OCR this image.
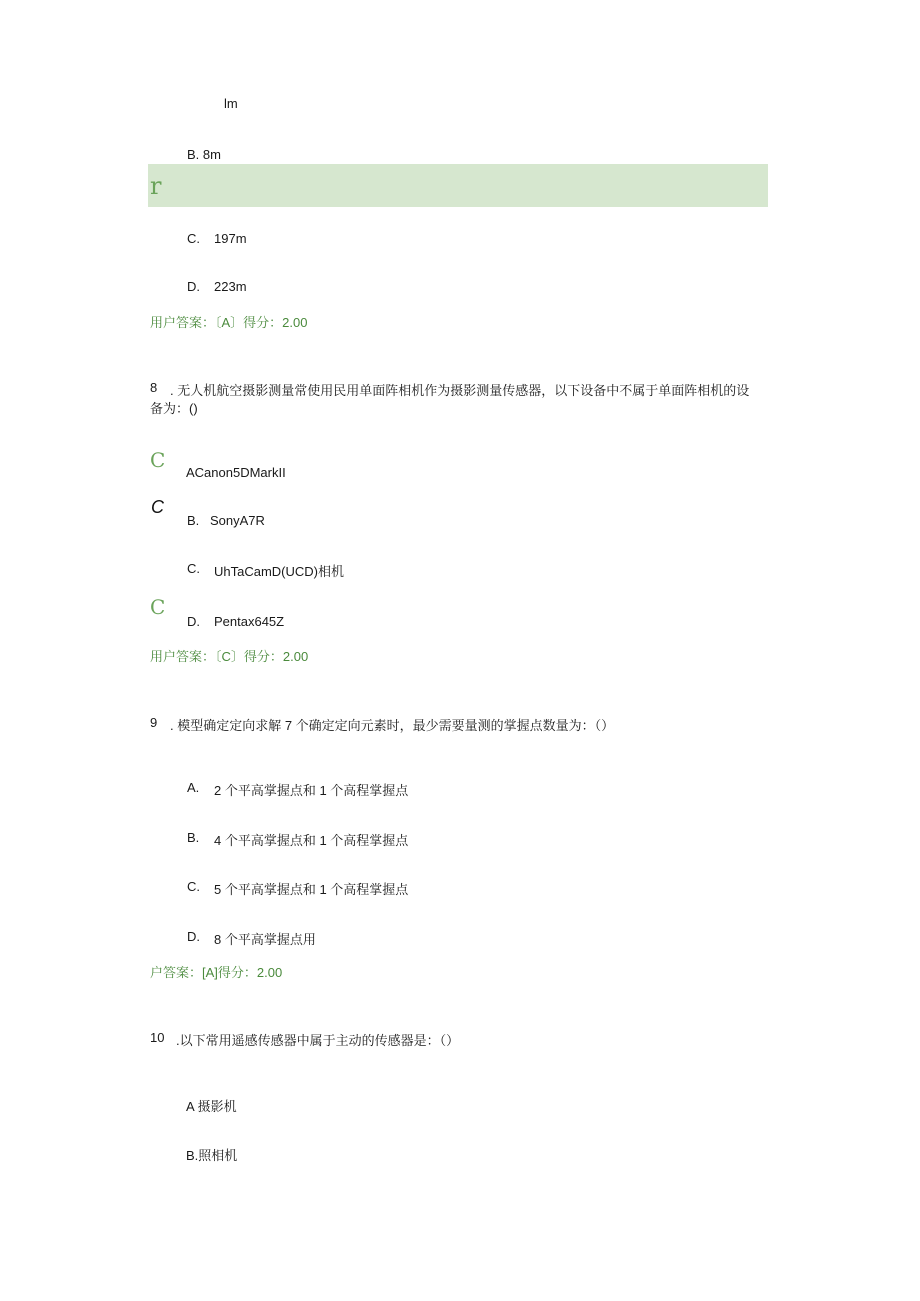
lm
B. 8m
r
C. 197m
D. 223m
用户答案：〔A〕得分：2.00
8 . 无人机航空摄影测量常使用民用单面阵相机作为摄影测量传感器，以下设备中不属于单面阵相机的设
备为：()
C
ACanon5DMarkII
C
B. SonyA7R
C. UhTaCamD(UCD)相机
C
D. Pentax645Z
用户答案：〔C〕得分：2.00
9 . 模型确定定向求解 7 个确定定向元素时，最少需要量测的掌握点数量为：（）
A. 2 个平高掌握点和 1 个高程掌握点
B. 4 个平高掌握点和 1 个高程掌握点
C. 5 个平高掌握点和 1 个高程掌握点
D. 8 个平高掌握点用
户答案：[A]得分：2.00
10 .以下常用遥感传感器中属于主动的传感器是：（）
A 摄影机
B.照相机
